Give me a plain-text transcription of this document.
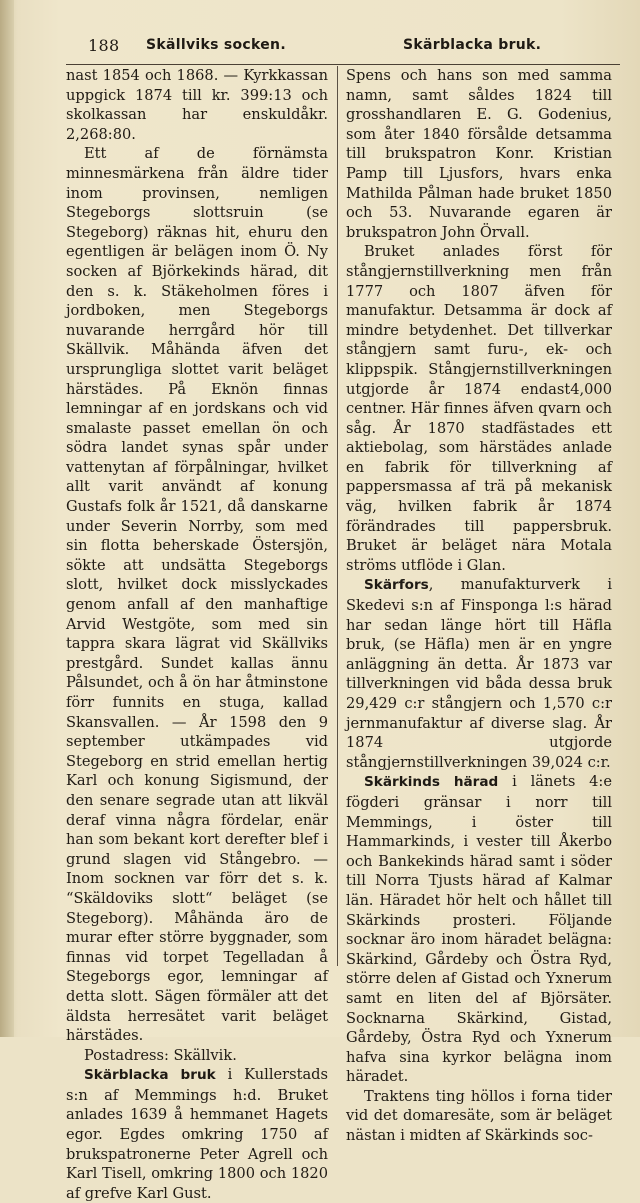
188 Skällviks socken.	Skärblacka bruk.

nast 1854 och 1868. — Kyrkkassan uppgick 1874 till kr. 399:13 och skolkassan har enskuldåkr. 2,268:80.

Ett af de förnämsta minnesmärkena från äldre tider inom provinsen, nemligen Stegeborgs slottsruin (se Stegeborg) räknas hit, ehuru den egentligen är belägen inom Ö. Ny socken af Björkekinds härad, dit den s. k. Stäkeholmen föres i jordboken, men Stegeborgs nuvarande herrgård hör till Skällvik. Måhända äfven det ursprungliga slottet varit beläget härstädes. På Eknön finnas lemningar af en jordskans och vid smalaste passet emellan ön och södra landet synas spår under vattenytan af förpålningar, hvilket allt varit användt af konung Gustafs folk år 1521, då danskarne under Severin Norrby, som med sin flotta beherskade Östersjön, sökte att undsätta Stegeborgs slott, hvilket dock misslyckades genom anfall af den manhaftige Arvid Westgöte, som med sin tappra skara lägrat vid Skällviks prestgård. Sundet kallas ännu Pålsundet, och å ön har åtminstone förr funnits en stuga, kallad Skansvallen. — År 1598 den 9 september utkämpades vid Stegeborg en strid emellan hertig Karl och konung Sigismund, der den senare segrade utan att likväl deraf vinna några fördelar, enär han som bekant kort derefter blef i grund slagen vid Stångebro. — Inom socknen var förr det s. k. “Skäldoviks slott“ beläget (se Stegeborg). Måhända äro de murar efter större byggnader, som finnas vid torpet Tegelladan å Stegeborgs egor, lemningar af detta slott. Sägen förmäler att det äldsta herresätet varit beläget härstädes.

Postadress: Skällvik.

Skärblacka bruk i Kullerstads s:n af Memmings h:d. Bruket anlades 1639 å hemmanet Hagets egor. Egdes omkring 1750 af brukspatronerne Peter Agrell och Karl Tisell, omkring 1800 och 1820 af grefve Karl Gust.

Spens och hans son med samma namn, samt såldes 1824 till grosshandlaren E. G. Godenius, som åter 1840 försålde detsamma till brukspatron Konr. Kristian Pamp till Ljusfors, hvars enka Mathilda Pålman hade bruket 1850 och 53. Nuvarande egaren är brukspatron John Örvall.

Bruket anlades först för stångjernstillverkning men från 1777 och 1807 äfven för manufaktur. Detsamma är dock af mindre betydenhet. Det tillverkar stångjern samt furu-, ek- och klippspik. Stångjernstillverkningen utgjorde år 1874 endast4,000 centner. Här finnes äfven qvarn och såg. År 1870 stadfästades ett aktiebolag, som härstädes anlade en fabrik för tillverkning af pappersmassa af trä på mekanisk väg, hvilken fabrik år 1874 förändrades till pappersbruk. Bruket är beläget nära Motala ströms utflöde i Glan.

Skärfors, manufakturverk i Skedevi s:n af Finsponga l:s härad har sedan länge hört till Häfla bruk, (se Häfla) men är en yngre anläggning än detta. År 1873 var tillverkningen vid båda dessa bruk 29,429 c:r stångjern och 1,570 c:r jernmanufaktur af diverse slag. År 1874 utgjorde stångjernstillverkningen 39,024 c:r.

Skärkinds härad i länets 4:e fögderi gränsar i norr till Memmings, i öster till Hammarkinds, i vester till Åkerbo och Bankekinds härad samt i söder till Norra Tjusts härad af Kalmar län. Häradet hör helt och hållet till Skärkinds prosteri. Följande socknar äro inom häradet belägna: Skärkind, Gårdeby och Östra Ryd, större delen af Gistad och Yxnerum samt en liten del af Björsäter. Socknarna Skärkind, Gistad, Gårdeby, Östra Ryd och Yxnerum hafva sina kyrkor belägna inom häradet.

Traktens ting höllos i forna tider vid det domaresäte, som är beläget nästan i midten af Skärkinds soc-
